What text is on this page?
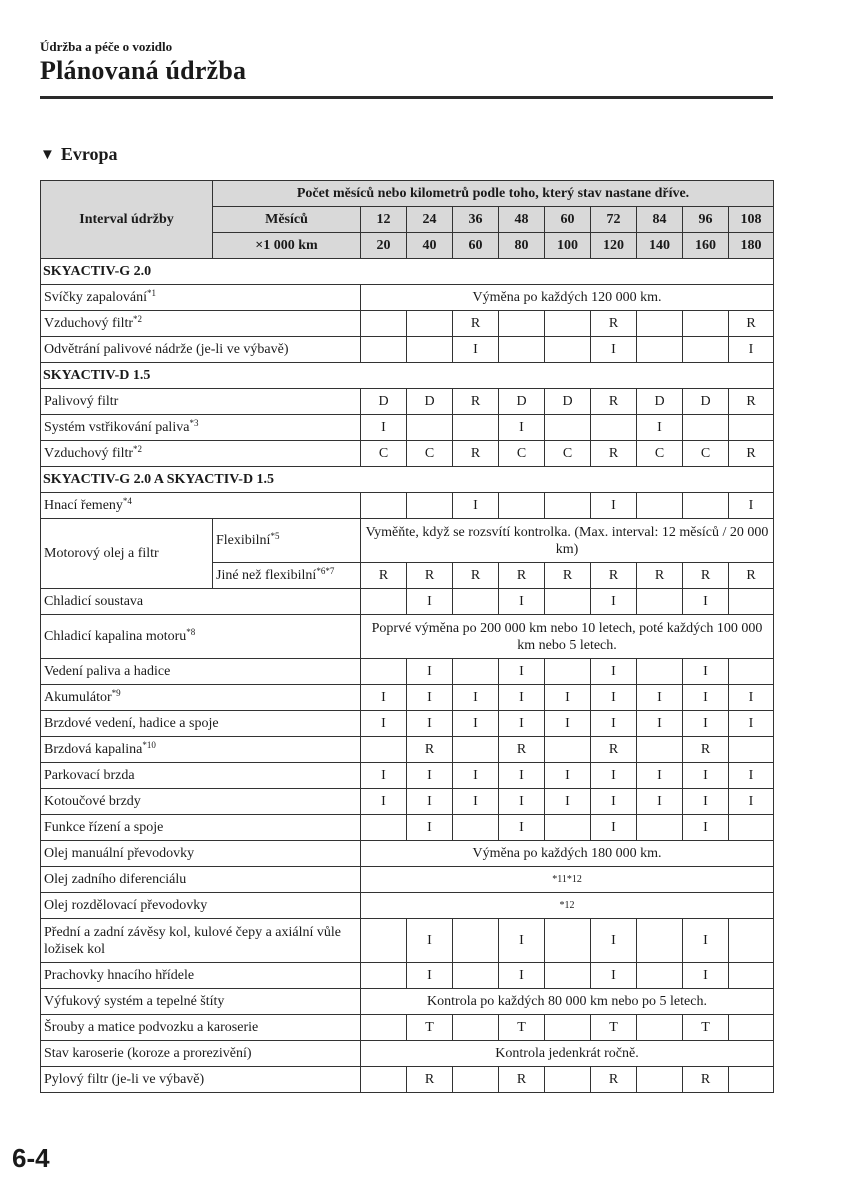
Údržba a péče o vozidlo
Plánovaná údržba
▼ Evropa
Interval údržby	Počet měsíců nebo kilometrů podle toho, který stav nastane dříve.									
	Měsíců	12	24	36	48	60	72	84	96	108
	×1 000 km	20	40	60	80	100	120	140	160	180
SKYACTIV-G 2.0										
Svíčky zapalování$^{*1}$		Výměna po každých 120 000 km.								
Vzduchový filtr$^{*2}$				R			R			R
Odvětrání palivové nádrže (je-li ve výbavě)				I			I			I
SKYACTIV-D 1.5										
Palivový filtr		D	D	R	D	D	R	D	D	R
Systém vstřikování paliva$^{*3}$		I			I			I		
Vzduchový filtr$^{*2}$		C	C	R	C	C	R	C	C	R
SKYACTIV-G 2.0 A SKYACTIV-D 1.5										
Hnací řemeny$^{*4}$				I			I			I
Motorový olej a filtr	Flexibilní$^{*5}$	Vyměňte, když se rozsvítí kontrolka. (Max. interval: 12 měsíců / 20 000 km)								
	Jiné než flexibilní$^{*6*7}$	R	R	R	R	R	R	R	R	R
Chladicí soustava			I		I		I		I	
Chladicí kapalina motoru$^{*8}$		Poprvé výměna po 200 000 km nebo 10 letech, poté každých 100 000 km nebo 5 letech.								
Vedení paliva a hadice			I		I		I		I	
Akumulátor$^{*9}$		I	I	I	I	I	I	I	I	I
Brzdové vedení, hadice a spoje		I	I	I	I	I	I	I	I	I
Brzdová kapalina$^{*10}$			R		R		R		R	
Parkovací brzda		I	I	I	I	I	I	I	I	I
Kotoučové brzdy		I	I	I	I	I	I	I	I	I
Funkce řízení a spoje			I		I		I		I	
Olej manuální převodovky		Výměna po každých 180 000 km.								
Olej zadního diferenciálu		*11*12								
Olej rozdělovací převodovky		*12								
Přední a zadní závěsy kol, kulové čepy a axiální vůle ložisek kol			I		I		I		I	
Prachovky hnacího hřídele			I		I		I		I	
Výfukový systém a tepelné štíty		Kontrola po každých 80 000 km nebo po 5 letech.								
Šrouby a matice podvozku a karoserie			T		T		T		T	
Stav karoserie (koroze a prorezivění)		Kontrola jedenkrát ročně.								
Pylový filtr (je-li ve výbavě)			R		R		R		R	
6-4
